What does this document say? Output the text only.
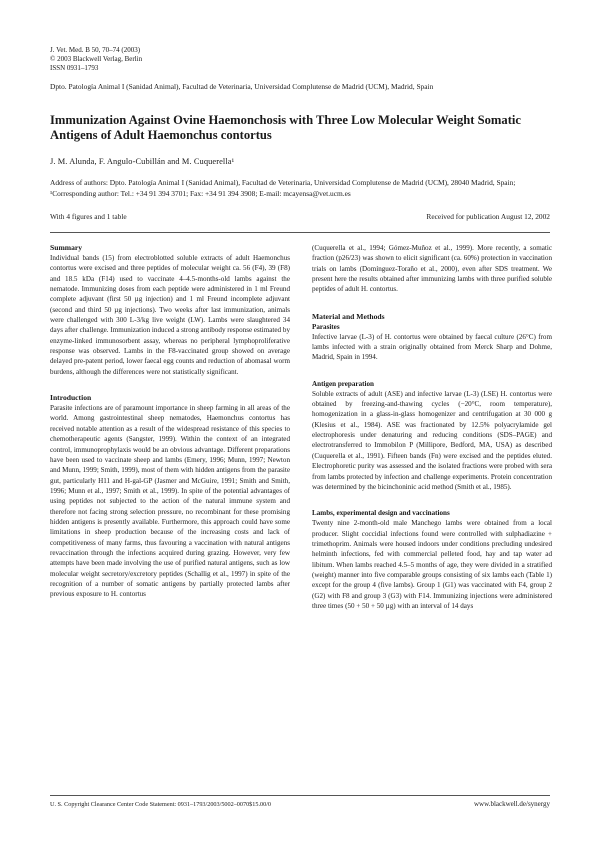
J. Vet. Med. B 50, 70–74 (2003)
© 2003 Blackwell Verlag, Berlin
ISSN 0931–1793
Dpto. Patología Animal I (Sanidad Animal), Facultad de Veterinaria, Universidad Complutense de Madrid (UCM), Madrid, Spain
Immunization Against Ovine Haemonchosis with Three Low Molecular Weight Somatic Antigens of Adult Haemonchus contortus
J. M. Alunda, F. Angulo-Cubillán and M. Cuquerella¹
Address of authors: Dpto. Patología Animal I (Sanidad Animal), Facultad de Veterinaria, Universidad Complutense de Madrid (UCM), 28040 Madrid, Spain; ¹Corresponding author: Tel.: +34 91 394 3701; Fax: +34 91 394 3908; E-mail: mcayensa@vet.ucm.es
With 4 figures and 1 table	Received for publication August 12, 2002
Summary

Individual bands (15) from electroblotted soluble extracts of adult Haemonchus contortus were excised and three peptides of molecular weight ca. 56 (F4), 39 (F8) and 18.5 kDa (F14) used to vaccinate 4–4.5-months-old lambs against the nematode. Immunizing doses from each peptide were administered in 1 ml Freund complete adjuvant (first 50 µg injection) and 1 ml Freund incomplete adjuvant (second and third 50 µg injections). Two weeks after last immunization, animals were challenged with 300 L-3/kg live weight (LW). Lambs were slaughtered 34 days after challenge. Immunization induced a strong antibody response estimated by enzyme-linked immunosorbent assay, whereas no peripheral lymphoproliferative response was observed. Lambs in the F8-vaccinated group showed on average delayed pre-patent period, lower faecal egg counts and reduction of abomasal worm burdens, although the differences were not statistically significant.

Introduction

Parasite infections are of paramount importance in sheep farming in all areas of the world. Among gastrointestinal sheep nematodes, Haemonchus contortus has received notable attention as a result of the widespread resistance of this species to chemotherapeutic agents (Sangster, 1999). Within the context of an integrated control, immunoprophylaxis would be an obvious advantage. Different preparations have been used to vaccinate sheep and lambs (Emery, 1996; Munn, 1997; Newton and Munn, 1999; Smith, 1999), most of them with hidden antigens from the parasite gut, particularly H11 and H-gal-GP (Jasmer and McGuire, 1991; Smith and Smith, 1996; Munn et al., 1997; Smith et al., 1999). In spite of the potential advantages of using peptides not subjected to the action of the natural immune system and therefore not facing strong selection pressure, no recombinant for these promising hidden antigens is presently available. Furthermore, this approach could have some limitations in sheep production because of the increasing costs and lack of competitiveness of many farms, thus favouring a vaccination with natural antigens revaccination through the infections acquired during grazing. However, very few attempts have been made involving the use of purified natural antigens, such as low molecular weight secretory/excretory peptides (Schallig et al., 1997) in spite of the recognition of a number of somatic antigens by partially protected lambs after previous exposure to H. contortus

(Cuquerella et al., 1994; Gómez-Muñoz et al., 1999). More recently, a somatic fraction (p26/23) was shown to elicit significant (ca. 60%) protection in vaccination trials on lambs (Domínguez-Toraño et al., 2000), even after SDS treatment. We present here the results obtained after immunizing lambs with three purified soluble peptides of adult H. contortus.

Material and Methods
Parasites

Infective larvae (L-3) of H. contortus were obtained by faecal culture (26°C) from lambs infected with a strain originally obtained from Merck Sharp and Dohme, Madrid, Spain in 1994.

Antigen preparation

Soluble extracts of adult (ASE) and infective larvae (L-3) (LSE) H. contortus were obtained by freezing-and-thawing cycles (−20°C, room temperature), homogenization in a glass-in-glass homogenizer and centrifugation at 30 000 g (Klesius et al., 1984). ASE was fractionated by 12.5% polyacrylamide gel electrophoresis under denaturing and reducing conditions (SDS–PAGE) and electrotransferred to Immobilon P (Millipore, Bedford, MA, USA) as described (Cuquerella et al., 1991). Fifteen bands (Fn) were excised and the peptides eluted. Electrophoretic purity was assessed and the isolated fractions were probed with sera from lambs protected by infection and challenge experiments. Protein concentration was determined by the bicinchoninic acid method (Smith et al., 1985).

Lambs, experimental design and vaccinations

Twenty nine 2-month-old male Manchego lambs were obtained from a local producer. Slight coccidial infections found were controlled with sulphadiazine + trimethoprim. Animals were housed indoors under conditions precluding undesired helminth infections, fed with commercial pelleted food, hay and tap water ad libitum. When lambs reached 4.5–5 months of age, they were divided in a stratified (weight) manner into five comparable groups consisting of six lambs each (Table 1) except for the group 4 (five lambs). Group 1 (G1) was vaccinated with F4, group 2 (G2) with F8 and group 3 (G3) with F14. Immunizing injections were administered three times (50 + 50 + 50 µg) with an interval of 14 days

U. S. Copyright Clearance Center Code Statement: 0931–1793/2003/5002–0070$15.00/0	www.blackwell.de/synergy
